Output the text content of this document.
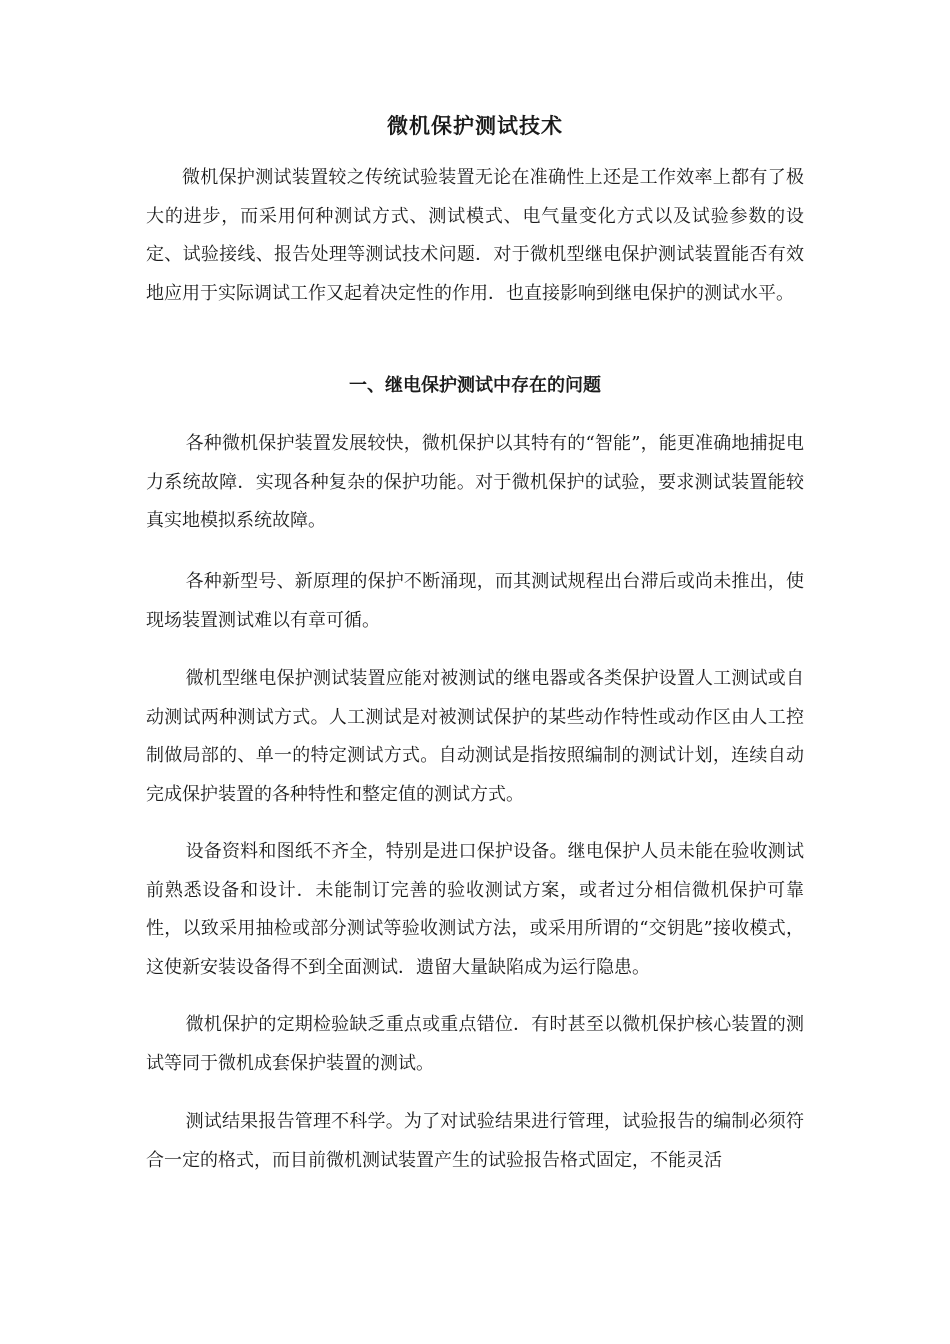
微机保护测试技术

微机保护测试装置较之传统试验装置无论在准确性上还是工作效率上都有了极大的进步，而采用何种测试方式、测试模式、电气量变化方式以及试验参数的设定、试验接线、报告处理等测试技术问题．对于微机型继电保护测试装置能否有效地应用于实际调试工作又起着决定性的作用．也直接影响到继电保护的测试水平。

一、继电保护测试中存在的问题

各种微机保护装置发展较快，微机保护以其特有的“智能”，能更准确地捕捉电力系统故障．实现各种复杂的保护功能。对于微机保护的试验，要求测试装置能较真实地模拟系统故障。

各种新型号、新原理的保护不断涌现，而其测试规程出台滞后或尚未推出，使现场装置测试难以有章可循。

微机型继电保护测试装置应能对被测试的继电器或各类保护设置人工测试或自动测试两种测试方式。人工测试是对被测试保护的某些动作特性或动作区由人工控制做局部的、单一的特定测试方式。自动测试是指按照编制的测试计划，连续自动完成保护装置的各种特性和整定值的测试方式。

设备资料和图纸不齐全，特别是进口保护设备。继电保护人员未能在验收测试前熟悉设备和设计．未能制订完善的验收测试方案，或者过分相信微机保护可靠性，以致采用抽检或部分测试等验收测试方法，或采用所谓的“交钥匙”接收模式，这使新安装设备得不到全面测试．遗留大量缺陷成为运行隐患。

微机保护的定期检验缺乏重点或重点错位．有时甚至以微机保护核心装置的测试等同于微机成套保护装置的测试。

测试结果报告管理不科学。为了对试验结果进行管理，试验报告的编制必须符合一定的格式，而目前微机测试装置产生的试验报告格式固定，不能灵活
